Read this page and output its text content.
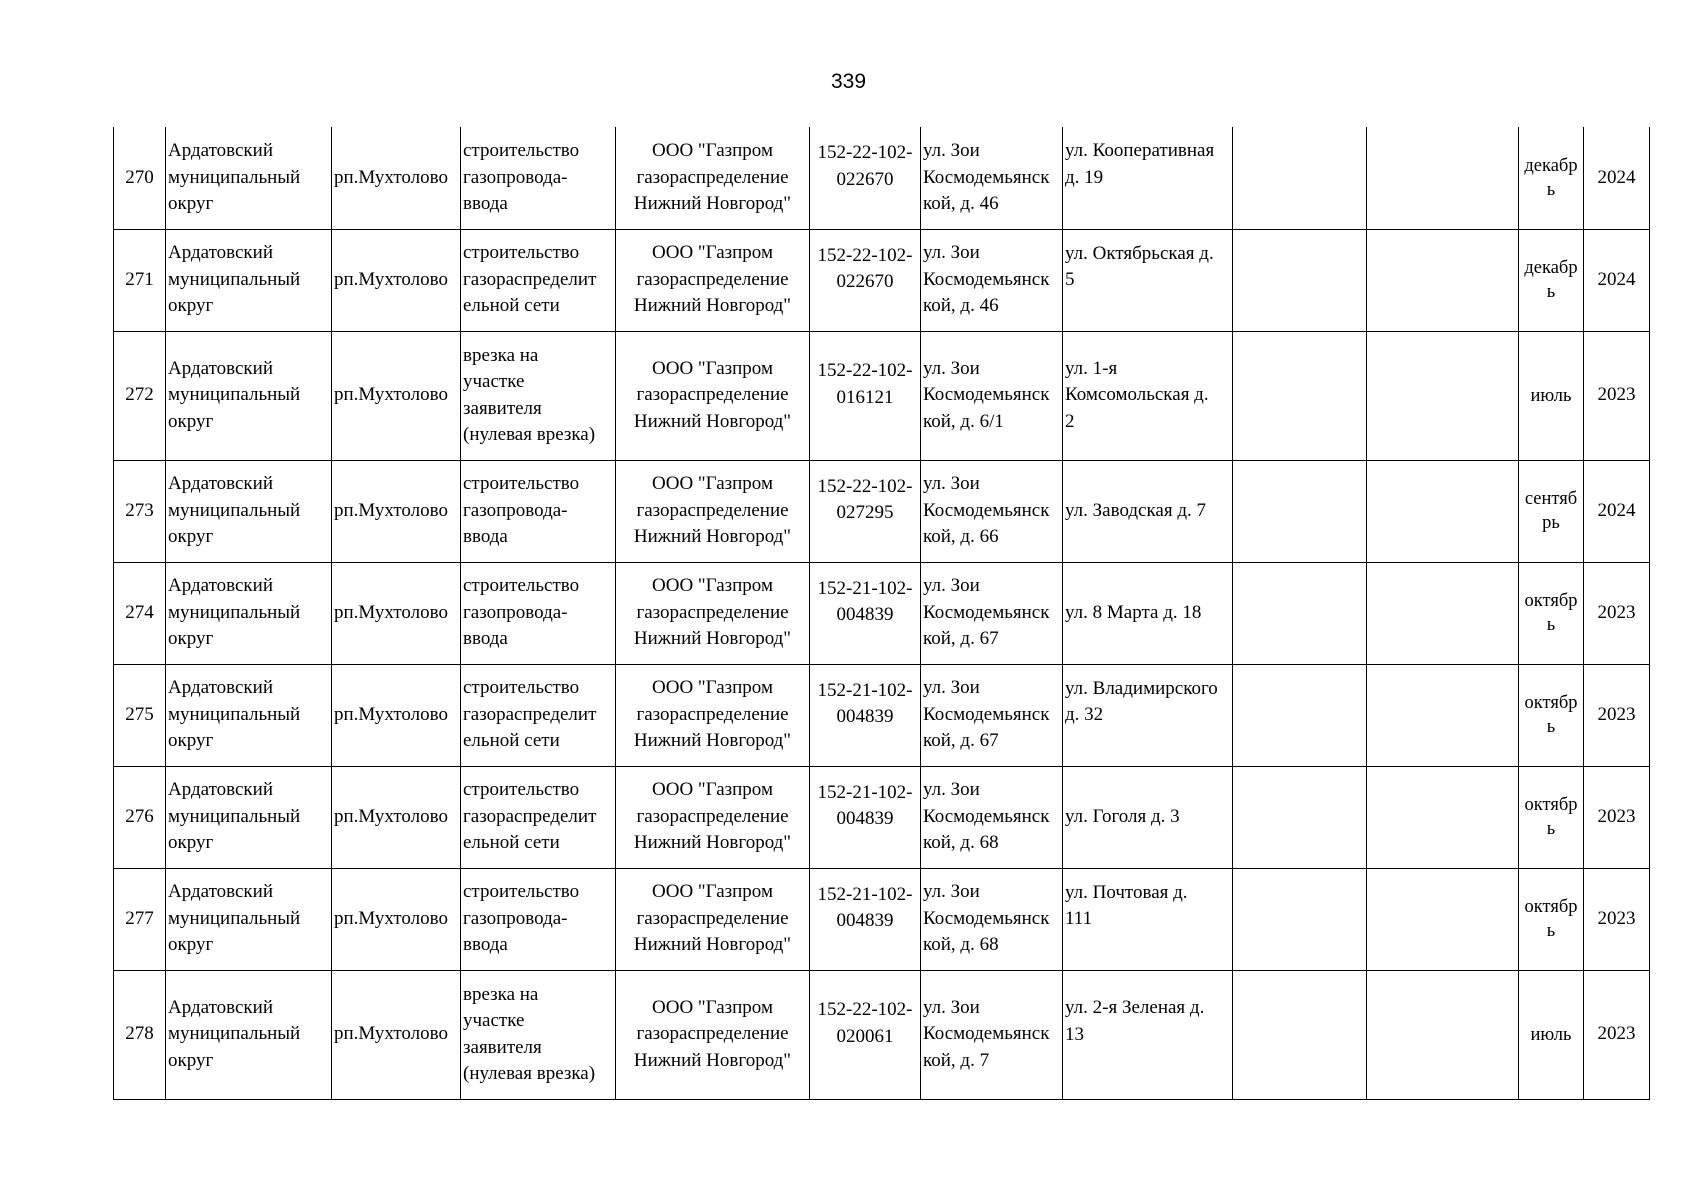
339
270	Ардатовский
муниципальный
округ	рп.Мухтолово	строительство
газопровода-
ввода	ООО "Газпром
газораспределение
Нижний Новгород"	152-22-102-
022670	ул. Зои
Космодемьянск
кой, д. 46	ул. Кооперативная
д. 19			декабр
ь	2024
271	Ардатовский
муниципальный
округ	рп.Мухтолово	строительство
газораспределит
ельной сети	ООО "Газпром
газораспределение
Нижний Новгород"	152-22-102-
022670	ул. Зои
Космодемьянск
кой, д. 46	ул. Октябрьская д.
5			декабр
ь	2024
272	Ардатовский
муниципальный
округ	рп.Мухтолово	врезка на
участке
заявителя
(нулевая врезка)	ООО "Газпром
газораспределение
Нижний Новгород"	152-22-102-
016121	ул. Зои
Космодемьянск
кой, д. 6/1	ул. 1-я
Комсомольская д.
2			июль	2023
273	Ардатовский
муниципальный
округ	рп.Мухтолово	строительство
газопровода-
ввода	ООО "Газпром
газораспределение
Нижний Новгород"	152-22-102-
027295	ул. Зои
Космодемьянск
кой, д. 66	ул. Заводская д. 7			сентяб
рь	2024
274	Ардатовский
муниципальный
округ	рп.Мухтолово	строительство
газопровода-
ввода	ООО "Газпром
газораспределение
Нижний Новгород"	152-21-102-
004839	ул. Зои
Космодемьянск
кой, д. 67	ул. 8 Марта д. 18			октябр
ь	2023
275	Ардатовский
муниципальный
округ	рп.Мухтолово	строительство
газораспределит
ельной сети	ООО "Газпром
газораспределение
Нижний Новгород"	152-21-102-
004839	ул. Зои
Космодемьянск
кой, д. 67	ул. Владимирского
д. 32			октябр
ь	2023
276	Ардатовский
муниципальный
округ	рп.Мухтолово	строительство
газораспределит
ельной сети	ООО "Газпром
газораспределение
Нижний Новгород"	152-21-102-
004839	ул. Зои
Космодемьянск
кой, д. 68	ул. Гоголя д. 3			октябр
ь	2023
277	Ардатовский
муниципальный
округ	рп.Мухтолово	строительство
газопровода-
ввода	ООО "Газпром
газораспределение
Нижний Новгород"	152-21-102-
004839	ул. Зои
Космодемьянск
кой, д. 68	ул. Почтовая д.
111			октябр
ь	2023
278	Ардатовский
муниципальный
округ	рп.Мухтолово	врезка на
участке
заявителя
(нулевая врезка)	ООО "Газпром
газораспределение
Нижний Новгород"	152-22-102-
020061	ул. Зои
Космодемьянск
кой, д. 7	ул. 2-я Зеленая д.
13			июль	2023
